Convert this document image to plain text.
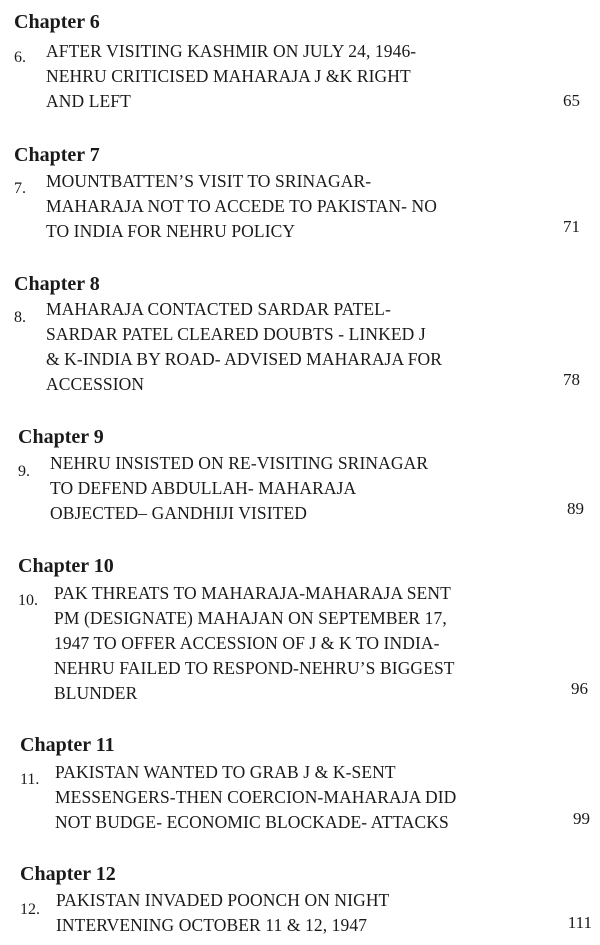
Chapter 6
6. AFTER VISITING KASHMIR ON JULY 24, 1946-
NEHRU CRITICISED MAHARAJA J &K RIGHT
AND LEFT	65
Chapter 7
7. MOUNTBATTEN’S VISIT TO SRINAGAR-
MAHARAJA NOT TO ACCEDE TO PAKISTAN- NO
TO INDIA FOR NEHRU POLICY	71
Chapter 8
8. MAHARAJA CONTACTED SARDAR PATEL-
SARDAR PATEL CLEARED DOUBTS - LINKED J
& K-INDIA BY ROAD- ADVISED MAHARAJA FOR
ACCESSION	78
Chapter 9
9. NEHRU INSISTED ON RE-VISITING SRINAGAR
TO DEFEND ABDULLAH- MAHARAJA
OBJECTED– GANDHIJI VISITED	89
Chapter 10
10. PAK THREATS TO MAHARAJA-MAHARAJA SENT
PM (DESIGNATE) MAHAJAN ON SEPTEMBER 17,
1947 TO OFFER ACCESSION OF J & K TO INDIA-
NEHRU FAILED TO RESPOND-NEHRU’S BIGGEST
BLUNDER	96
Chapter 11
11. PAKISTAN WANTED TO GRAB J & K-SENT
MESSENGERS-THEN COERCION-MAHARAJA DID
NOT BUDGE- ECONOMIC BLOCKADE- ATTACKS	99
Chapter 12
12. PAKISTAN INVADED POONCH ON NIGHT
INTERVENING OCTOBER 11 & 12, 1947	111
